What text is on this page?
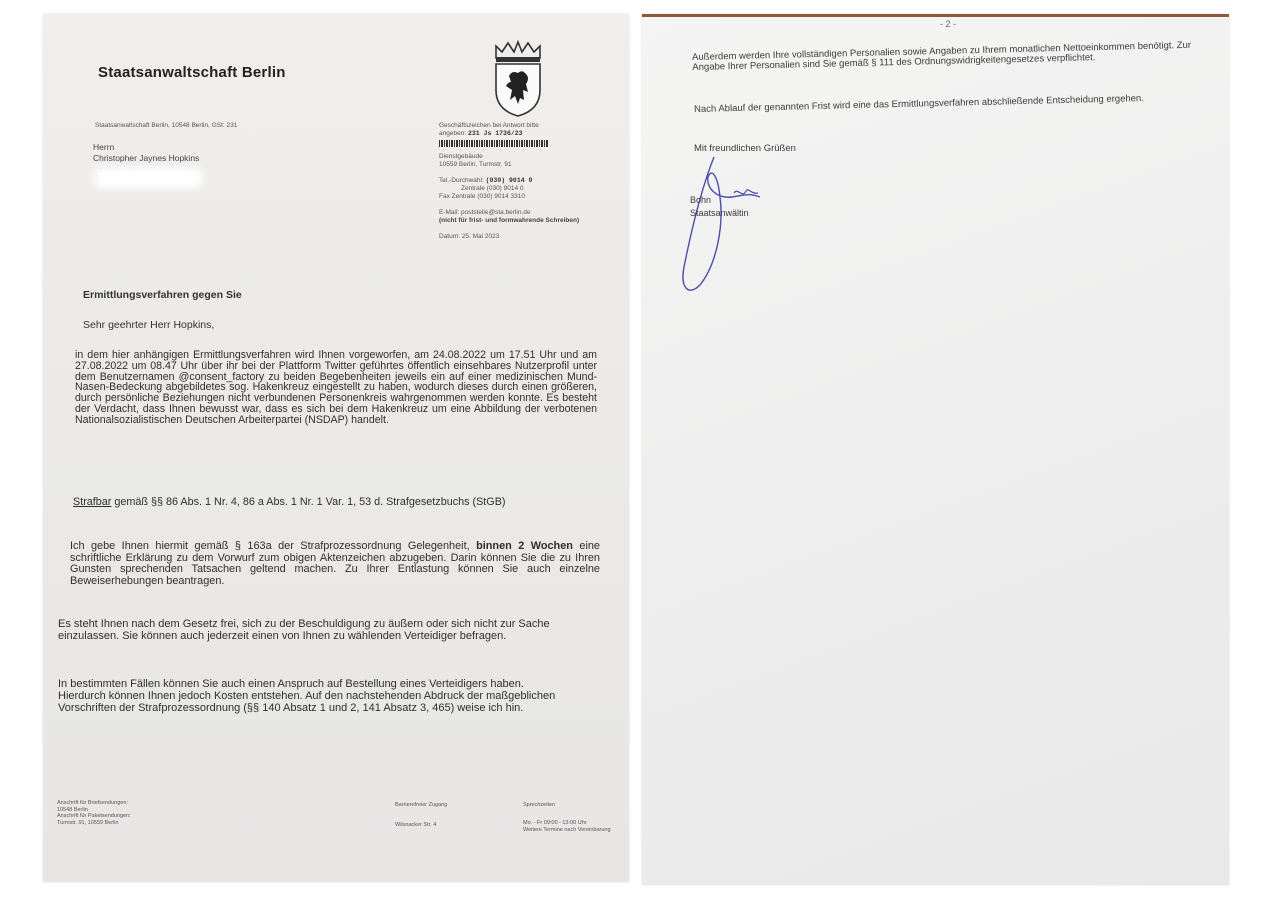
Staatsanwaltschaft Berlin
Staatsanwaltschaft Berlin, 10548 Berlin, GSt: 231
Herrn
Christopher Jaynes Hopkins
Geschäftszeichen bei Antwort bitte
angeben: 231 Js 1736/23
Dienstgebäude
10559 Berlin, Turmstr. 91
Tel.-Durchwahl: (030) 9014 0
Zentrale (030) 9014 0
Fax Zentrale (030) 9014 3310
E-Mail: poststelle@sta.berlin.de
(nicht für frist- und formwahrende Schreiben)
Datum: 25. Mai 2023
Ermittlungsverfahren gegen Sie
Sehr geehrter Herr Hopkins,
in dem hier anhängigen Ermittlungsverfahren wird Ihnen vorgeworfen, am 24.08.2022 um 17.51 Uhr und am 27.08.2022 um 08.47 Uhr über ihr bei der Plattform Twitter geführtes öffentlich einsehbares Nutzerprofil unter dem Benutzernamen @consent_factory zu beiden Begebenheiten jeweils ein auf einer medizinischen Mund-Nasen-Bedeckung abgebildetes sog. Hakenkreuz eingestellt zu haben, wodurch dieses durch einen größeren, durch persönliche Beziehungen nicht verbundenen Personenkreis wahrgenommen werden konnte. Es besteht der Verdacht, dass Ihnen bewusst war, dass es sich bei dem Hakenkreuz um eine Abbildung der verbotenen Nationalsozialistischen Deutschen Arbeiterpartei (NSDAP) handelt.
Strafbar gemäß §§ 86 Abs. 1 Nr. 4, 86 a Abs. 1 Nr. 1 Var. 1, 53 d. Strafgesetzbuchs (StGB)
Ich gebe Ihnen hiermit gemäß § 163a der Strafprozessordnung Gelegenheit, binnen 2 Wochen eine schriftliche Erklärung zu dem Vorwurf zum obigen Aktenzeichen abzugeben. Darin können Sie die zu Ihren Gunsten sprechenden Tatsachen geltend machen. Zu Ihrer Entlastung können Sie auch einzelne Beweiserhebungen beantragen.
Es steht Ihnen nach dem Gesetz frei, sich zu der Beschuldigung zu äußern oder sich nicht zur Sache einzulassen. Sie können auch jederzeit einen von Ihnen zu wählenden Verteidiger befragen.
In bestimmten Fällen können Sie auch einen Anspruch auf Bestellung eines Verteidigers haben.
Hierdurch können Ihnen jedoch Kosten entstehen. Auf den nachstehenden Abdruck der maßgeblichen Vorschriften der Strafprozessordnung (§§ 140 Absatz 1 und 2, 141 Absatz 3, 465) weise ich hin.
Anschrift für Briefsendungen:
10548 Berlin
Anschrift für Paketsendungen:
Turmstr. 91, 10559 Berlin
Barrierefreier Zugang
Wilsnacker Str. 4
Sprechzeiten
Mo. - Fr 09:00 - 13:00 Uhr
Weitere Termine nach Vereinbarung
- 2 -
Außerdem werden Ihre vollständigen Personalien sowie Angaben zu Ihrem monatlichen Nettoeinkommen benötigt. Zur Angabe Ihrer Personalien sind Sie gemäß § 111 des Ordnungswidrigkeitengesetzes verpflichtet.
Nach Ablauf der genannten Frist wird eine das Ermittlungsverfahren abschließende Entscheidung ergehen.
Mit freundlichen Grüßen
Bohn
Staatsanwältin
